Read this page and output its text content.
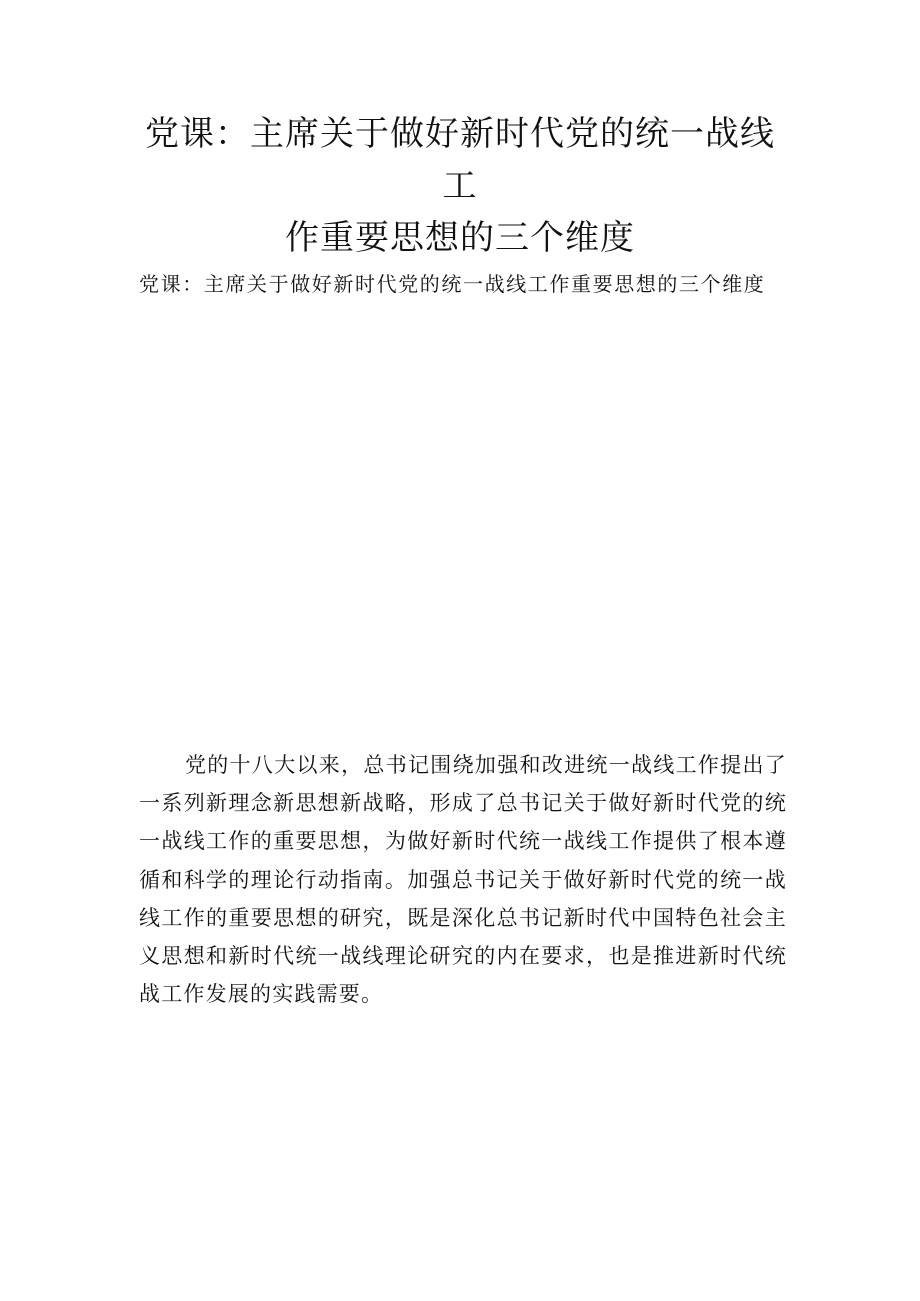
党课：主席关于做好新时代党的统一战线工
作重要思想的三个维度

党课：主席关于做好新时代党的统一战线工作重要思想的三个维度

党的十八大以来，总书记围绕加强和改进统一战线工作提出了一系列新理念新思想新战略，形成了总书记关于做好新时代党的统一战线工作的重要思想，为做好新时代统一战线工作提供了根本遵循和科学的理论行动指南。加强总书记关于做好新时代党的统一战线工作的重要思想的研究，既是深化总书记新时代中国特色社会主义思想和新时代统一战线理论研究的内在要求，也是推进新时代统战工作发展的实践需要。
